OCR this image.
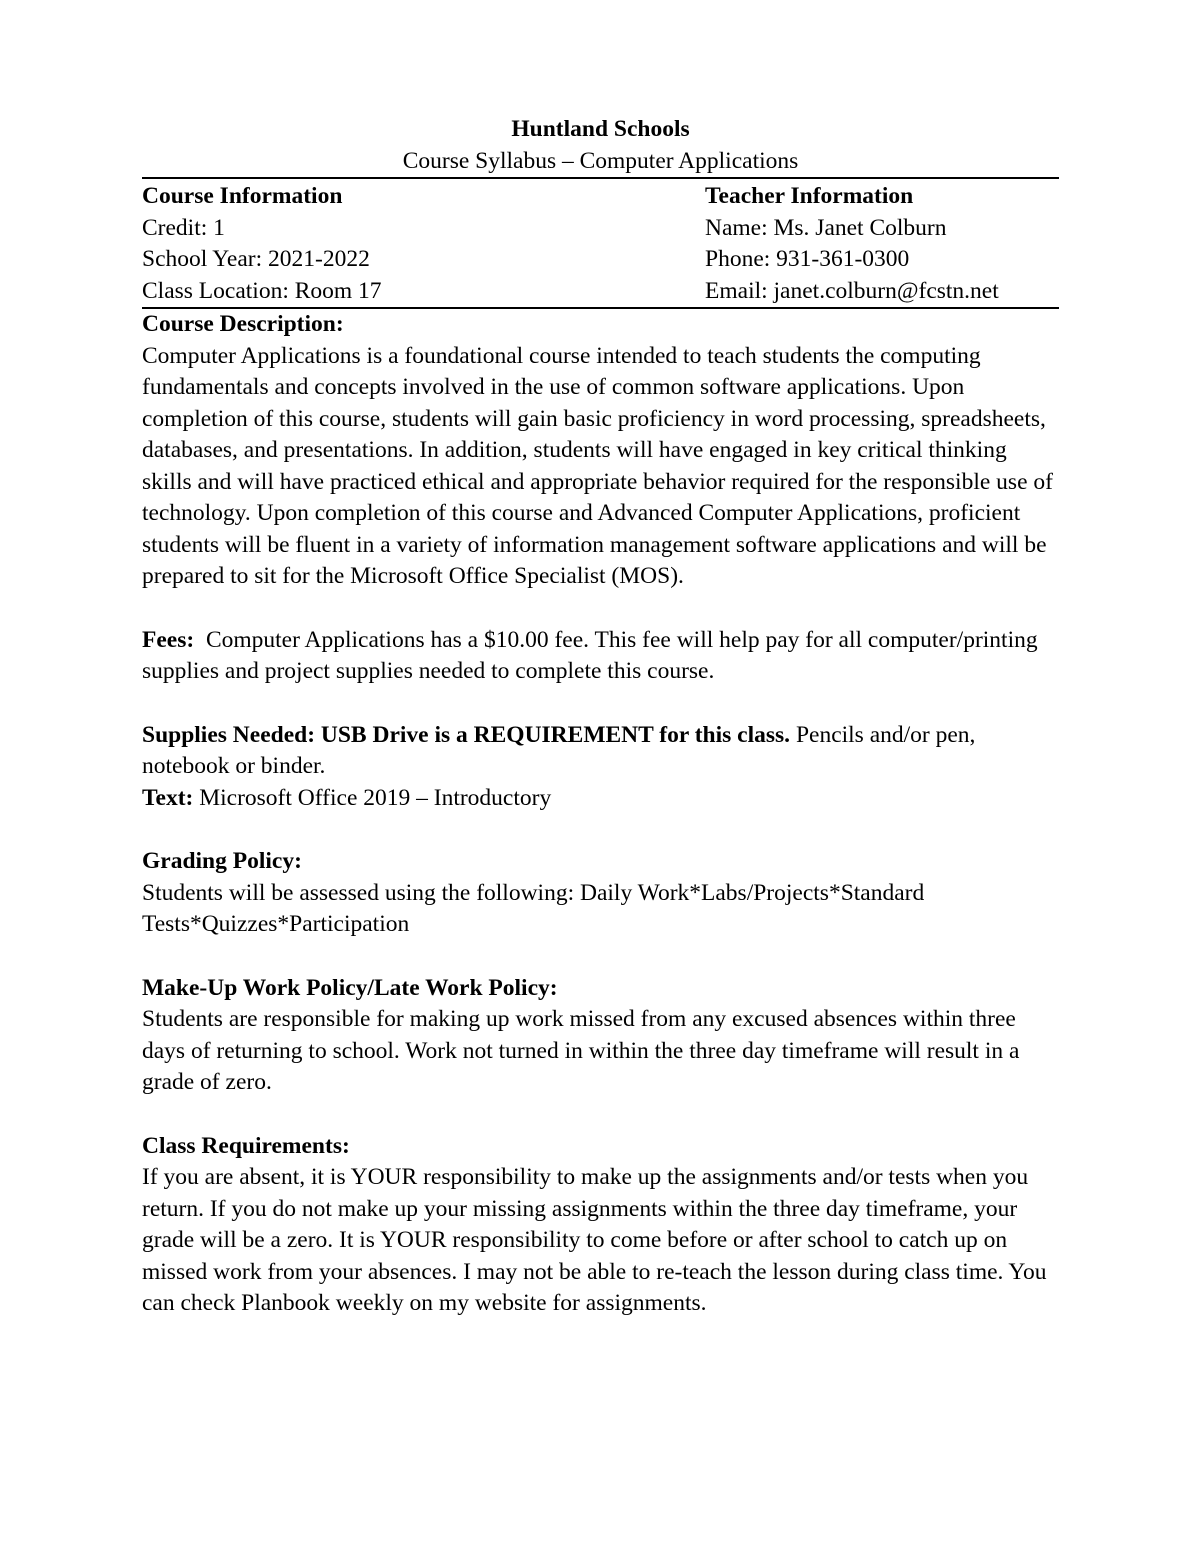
Huntland Schools
Course Syllabus – Computer Applications
Course Information
Credit: 1
School Year: 2021-2022
Class Location: Room 17
Teacher Information
Name: Ms. Janet Colburn
Phone: 931-361-0300
Email: janet.colburn@fcstn.net
Course Description:
Computer Applications is a foundational course intended to teach students the computing fundamentals and concepts involved in the use of common software applications. Upon completion of this course, students will gain basic proficiency in word processing, spreadsheets, databases, and presentations. In addition, students will have engaged in key critical thinking skills and will have practiced ethical and appropriate behavior required for the responsible use of technology. Upon completion of this course and Advanced Computer Applications, proficient students will be fluent in a variety of information management software applications and will be prepared to sit for the Microsoft Office Specialist (MOS).
Fees: Computer Applications has a $10.00 fee. This fee will help pay for all computer/printing supplies and project supplies needed to complete this course.
Supplies Needed: USB Drive is a REQUIREMENT for this class. Pencils and/or pen, notebook or binder.
Text: Microsoft Office 2019 – Introductory
Grading Policy:
Students will be assessed using the following: Daily Work*Labs/Projects*Standard Tests*Quizzes*Participation
Make-Up Work Policy/Late Work Policy:
Students are responsible for making up work missed from any excused absences within three days of returning to school. Work not turned in within the three day timeframe will result in a grade of zero.
Class Requirements:
If you are absent, it is YOUR responsibility to make up the assignments and/or tests when you return. If you do not make up your missing assignments within the three day timeframe, your grade will be a zero. It is YOUR responsibility to come before or after school to catch up on missed work from your absences. I may not be able to re-teach the lesson during class time. You can check Planbook weekly on my website for assignments.
